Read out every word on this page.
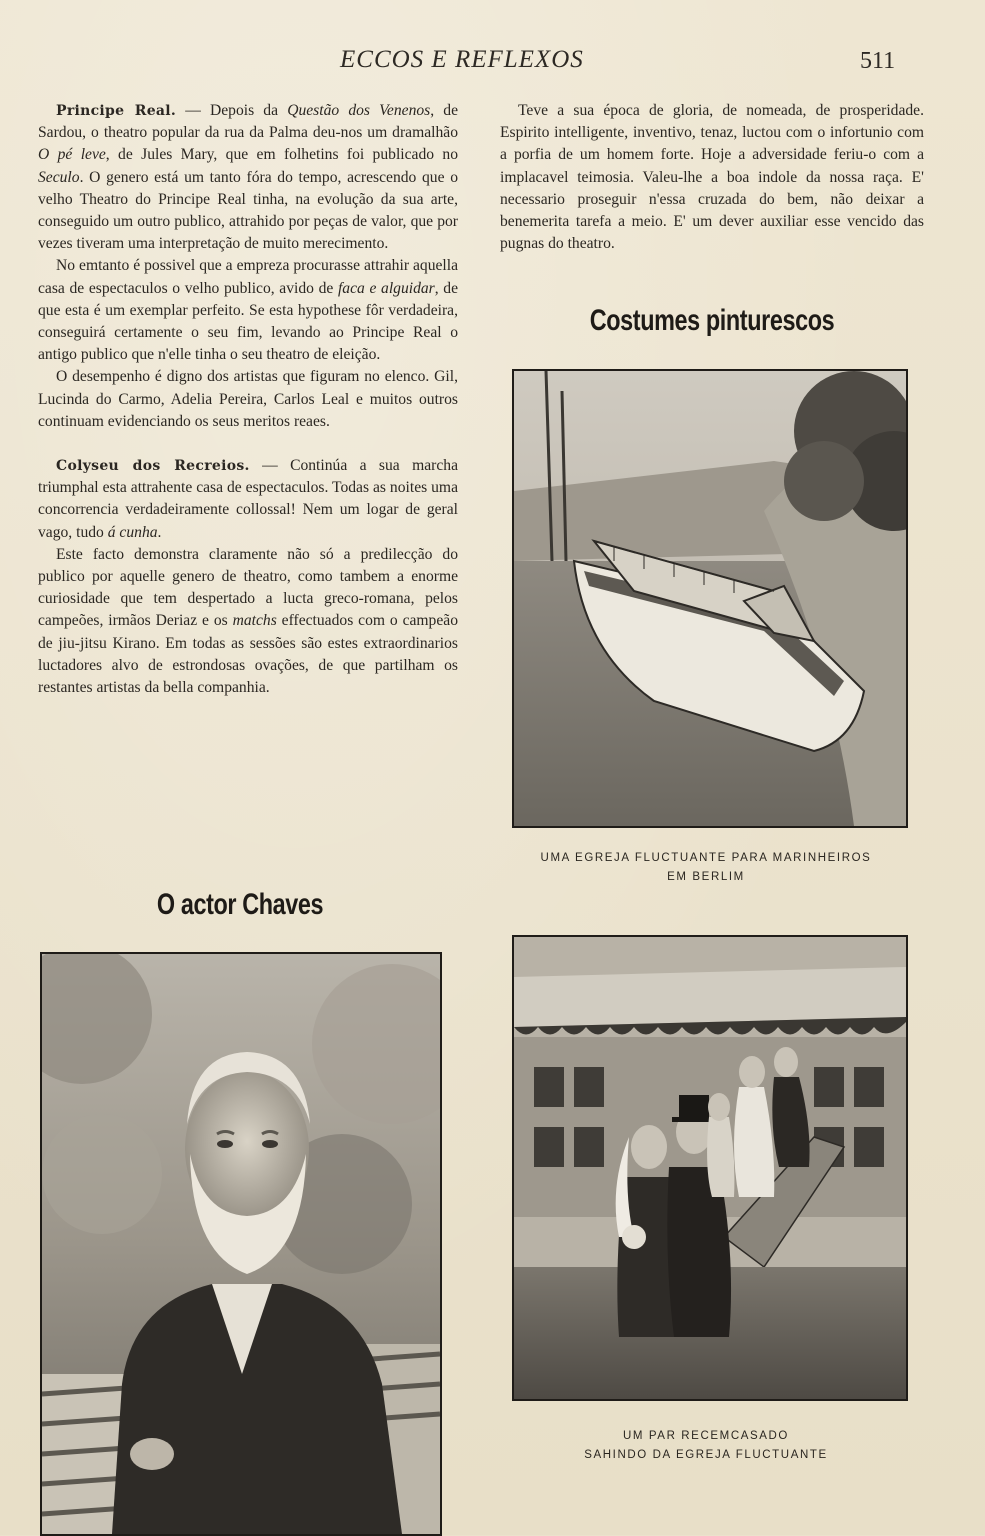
ECCOS E REFLEXOS	511

Principe Real. — Depois da Questão dos Venenos, de Sardou, o theatro popular da rua da Palma deu-nos um dramalhão O pé leve, de Jules Mary, que em folhetins foi publicado no Seculo. O genero está um tanto fóra do tempo, acrescendo que o velho Theatro do Principe Real tinha, na evolução da sua arte, conseguido um outro publico, attrahido por peças de valor, que por vezes tiveram uma interpretação de muito merecimento.

No emtanto é possivel que a empreza procurasse attrahir aquella casa de espectaculos o velho publico, avido de faca e alguidar, de que esta é um exemplar perfeito. Se esta hypothese fôr verdadeira, conseguirá certamente o seu fim, levando ao Principe Real o antigo publico que n'elle tinha o seu theatro de eleição.

O desempenho é digno dos artistas que figuram no elenco. Gil, Lucinda do Carmo, Adelia Pereira, Carlos Leal e muitos outros continuam evidenciando os seus meritos reaes.

Colyseu dos Recreios. — Continúa a sua marcha triumphal esta attrahente casa de espectaculos. Todas as noites uma concorrencia verdadeiramente collossal! Nem um logar de geral vago, tudo á cunha.

Este facto demonstra claramente não só a predilecção do publico por aquelle genero de theatro, como tambem a enorme curiosidade que tem despertado a lucta greco-romana, pelos campeões, irmãos Deriaz e os matchs effectuados com o campeão de jiu-jitsu Kirano. Em todas as sessões são estes extraordinarios luctadores alvo de estrondosas ovações, de que partilham os restantes artistas da bella companhia.

O actor Chaves

Teve a sua época de gloria, de nomeada, de prosperidade. Espirito intelligente, inventivo, tenaz, luctou com o infortunio com a porfia de um homem forte. Hoje a adversidade feriu-o com a implacavel teimosia. Valeu-lhe a boa indole da nossa raça. E' necessario proseguir n'essa cruzada do bem, não deixar a benemerita tarefa a meio. E' um dever auxiliar esse vencido das pugnas do theatro.

Costumes pinturescos
UMA EGREJA FLUCTUANTE PARA MARINHEIROS
EM BERLIM
UM PAR RECEMCASADO
SAHINDO DA EGREJA FLUCTUANTE
